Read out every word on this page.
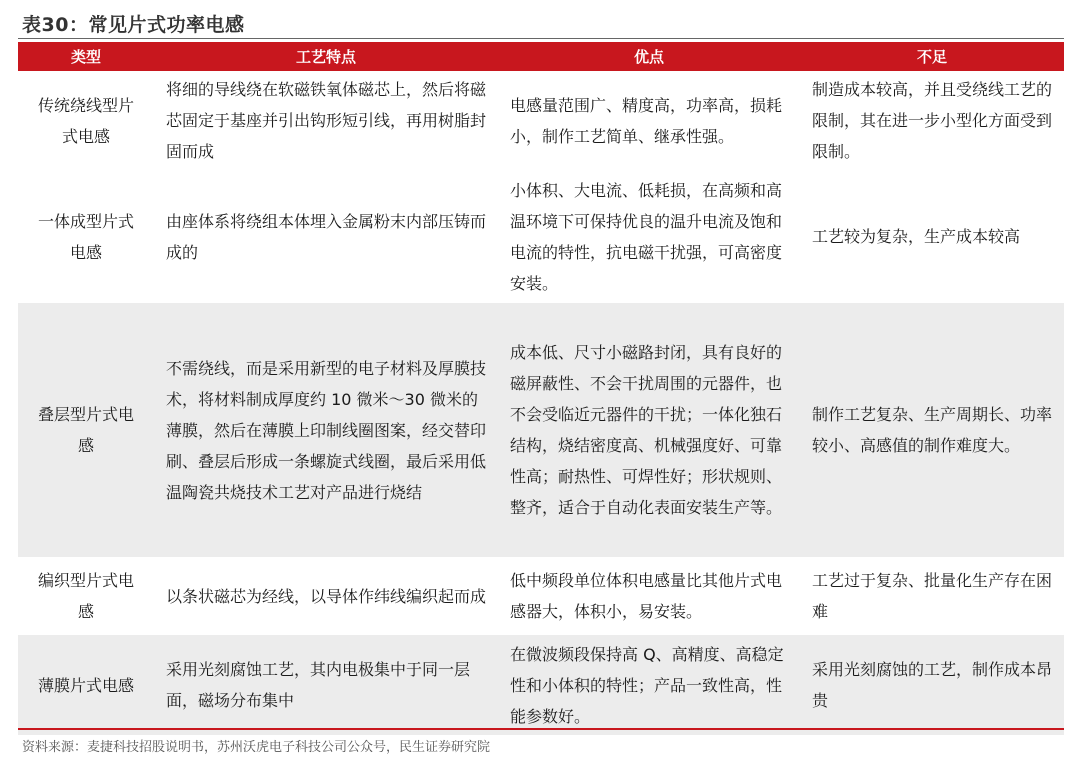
表30：常见片式功率电感
类型	工艺特点	优点	不足

传统绕线型片式电感	将细的导线绕在软磁铁氧体磁芯上，然后将磁芯固定于基座并引出钩形短引线，再用树脂封固而成	电感量范围广、精度高，功率高，损耗小，制作工艺简单、继承性强。	制造成本较高，并且受绕线工艺的限制，其在进一步小型化方面受到限制。

一体成型片式电感	由座体系将绕组本体埋入金属粉末内部压铸而成的	小体积、大电流、低耗损，在高频和高温环境下可保持优良的温升电流及饱和电流的特性，抗电磁干扰强，可高密度安装。	工艺较为复杂，生产成本较高

叠层型片式电感	不需绕线，而是采用新型的电子材料及厚膜技术，将材料制成厚度约 10 微米～30 微米的薄膜，然后在薄膜上印制线圈图案，经交替印刷、叠层后形成一条螺旋式线圈，最后采用低温陶瓷共烧技术工艺对产品进行烧结	成本低、尺寸小磁路封闭，具有良好的磁屏蔽性、不会干扰周围的元器件，也不会受临近元器件的干扰；一体化独石结构，烧结密度高、机械强度好、可靠性高；耐热性、可焊性好；形状规则、整齐，适合于自动化表面安装生产等。	制作工艺复杂、生产周期长、功率较小、高感值的制作难度大。

编织型片式电感	以条状磁芯为经线，以导体作纬线编织起而成	低中频段单位体积电感量比其他片式电感器大，体积小，易安装。	工艺过于复杂、批量化生产存在困难

薄膜片式电感	采用光刻腐蚀工艺，其内电极集中于同一层面，磁场分布集中	在微波频段保持高 Q、高精度、高稳定性和小体积的特性；产品一致性高，性能参数好。	采用光刻腐蚀的工艺，制作成本昂贵
资料来源：麦捷科技招股说明书，苏州沃虎电子科技公司公众号，民生证券研究院
